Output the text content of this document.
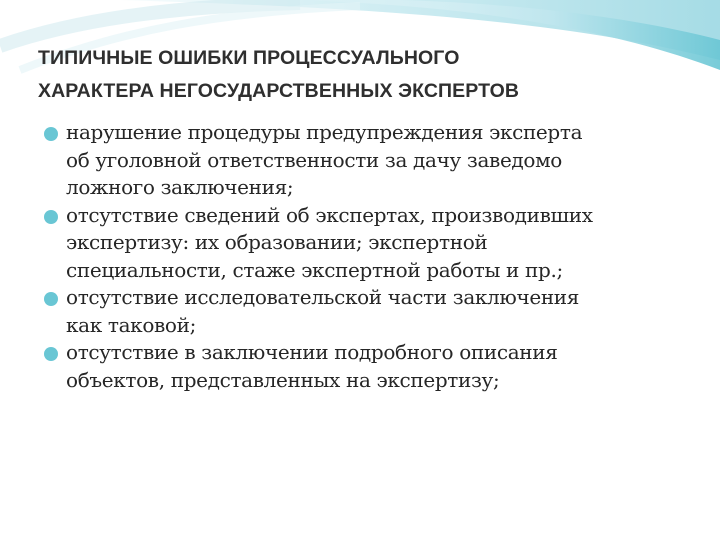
ТИПИЧНЫЕ ОШИБКИ ПРОЦЕССУАЛЬНОГО
ХАРАКТЕРА НЕГОСУДАРСТВЕННЫХ ЭКСПЕРТОВ
нарушение процедуры предупреждения эксперта
об уголовной ответственности за дачу заведомо
ложного заключения;
отсутствие сведений об экспертах, производивших
экспертизу: их образовании; экспертной
специальности, стаже экспертной работы и пр.;
отсутствие исследовательской части заключения
как таковой;
отсутствие в заключении подробного описания
объектов, представленных на экспертизу;
